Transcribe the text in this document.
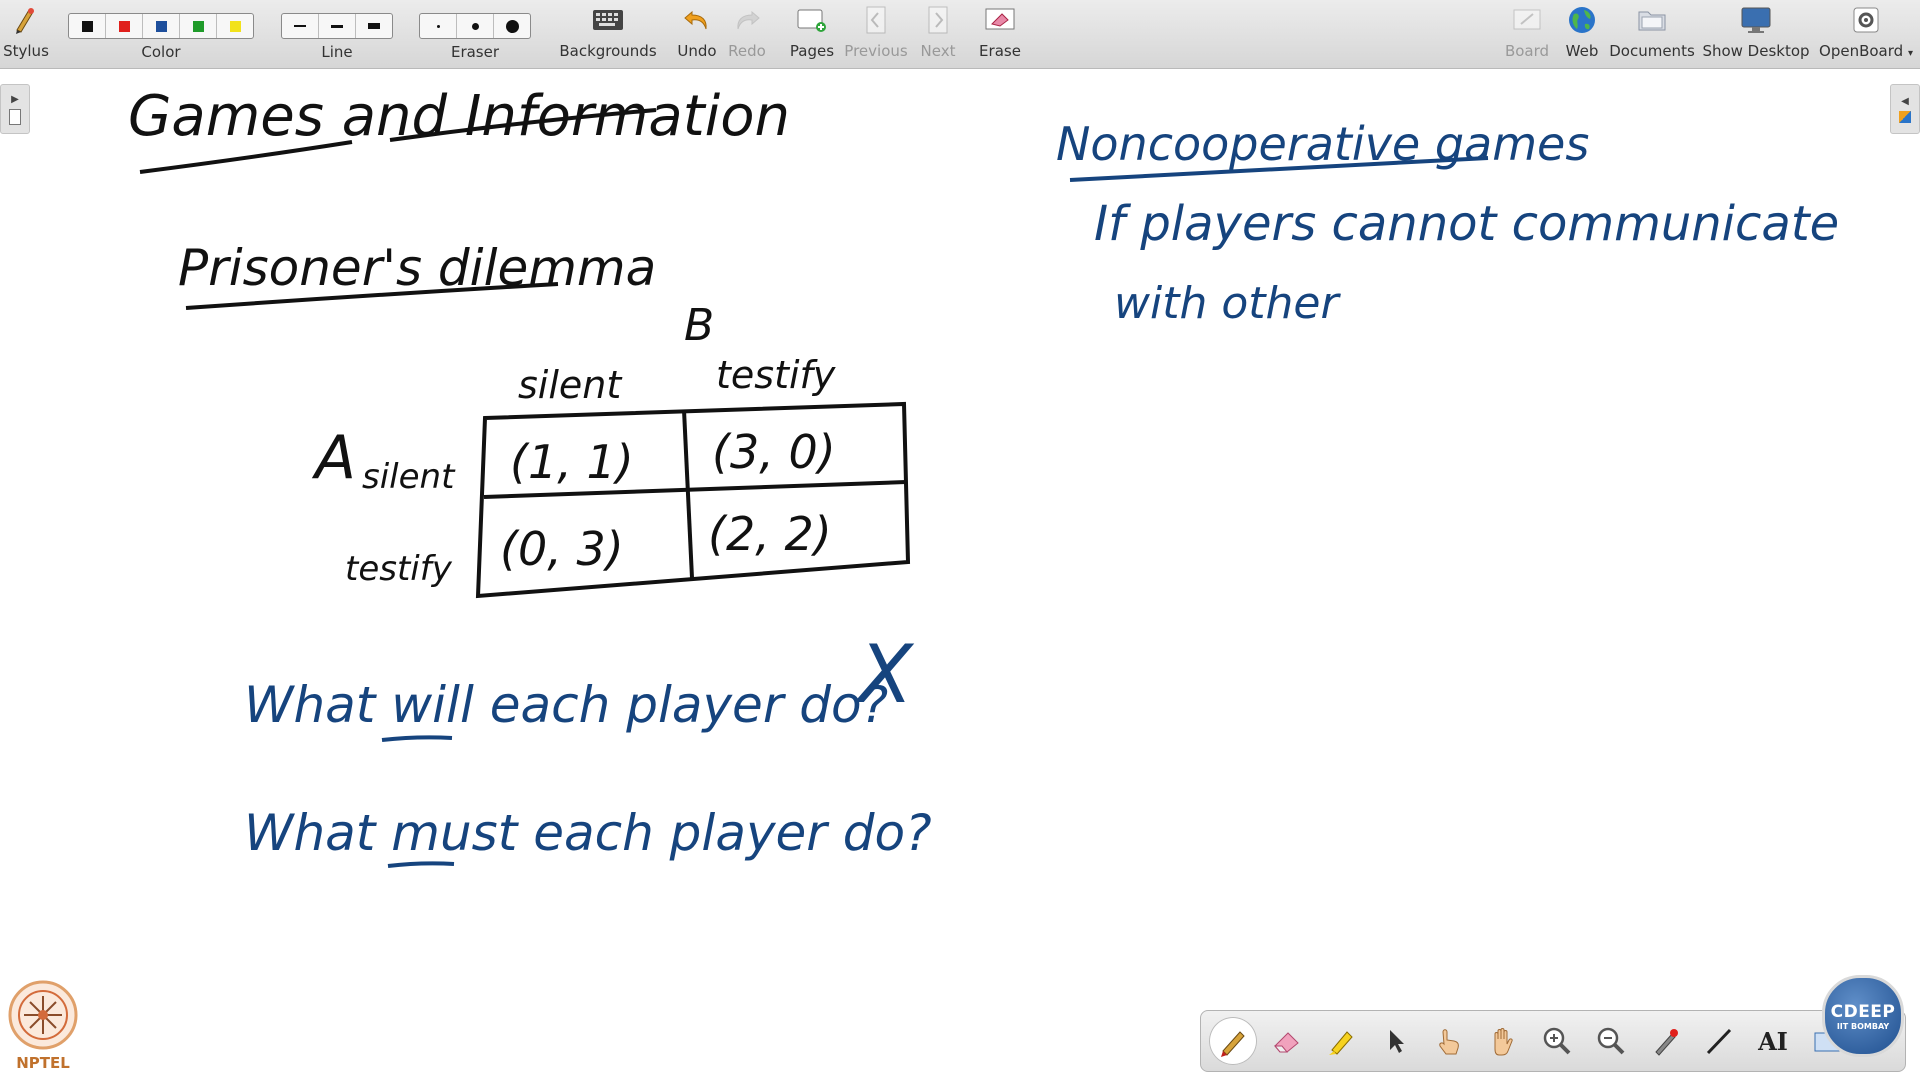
Stylus	Color	Line	Eraser	Backgrounds Undo Redo Pages Previous Next Erase	Board Web Documents Show Desktop OpenBoard ▾
▶	◀
Games and Information
Prisoner's dilemma
B
silent testify
A silent
testify
(1, 1) (3, 0)
(0, 3) (2, 2)
What will each player do?
X
What must each player do?
Noncooperative games
If players cannot communicate
with other
AI
CDEEP
IIT BOMBAY
NPTEL
